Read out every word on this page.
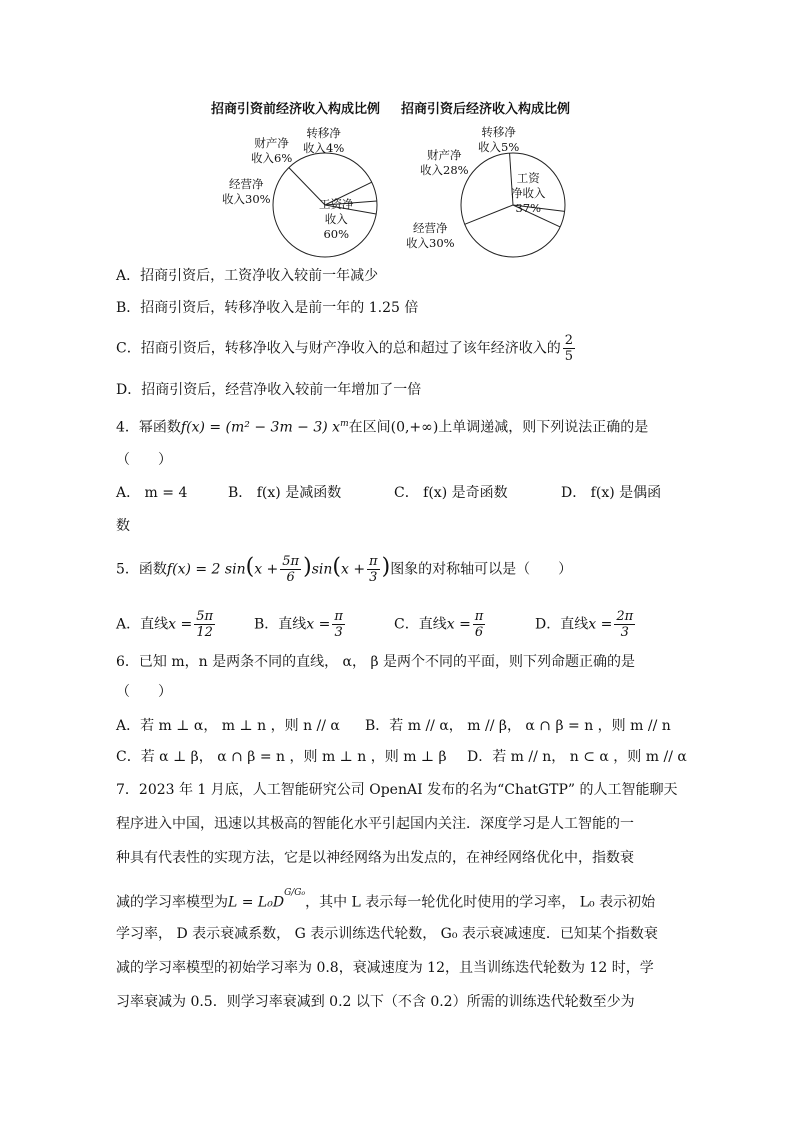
招商引资前经济收入构成比例 招商引资后经济收入构成比例
工资净
收入
60%
经营净
收入30%
财产净
收入6%
转移净
收入4%
工资
净收入
37%
经营净
收入30%
财产净
收入28%
转移净
收入5%
A．招商引资后，工资净收入较前一年减少
B．招商引资后，转移净收入是前一年的 1.25 倍
C．招商引资后，转移净收入与财产净收入的总和超过了该年经济收入的 $\frac{2}{5}$
D．招商引资后，经营净收入较前一年增加了一倍
4．幂函数f(x) = (m² − 3m − 3) $x^m$在区间(0,+∞)上单调递减，则下列说法正确的是
（　　）
A． m = 4	B． f(x) 是减函数	C． f(x) 是奇函数	D． f(x) 是偶函
数
5．函数f(x) = 2 $\sin(x + \frac{5\pi}{6} )\sin(x + \frac{\pi}{3}$ )图象的对称轴可以是（　　）
A．直线$x = \frac{5\pi}{12}$	B．直线$x = \frac{\pi}{3}$	C．直线$x = \frac{\pi}{6}$	D．直线$x = \frac{2\pi}{3}$
6．已知 m，n 是两条不同的直线， α， β 是两个不同的平面，则下列命题正确的是
（　　）
A．若 m ⊥ α， m ⊥ n ，则 n // α B．若 m // α， m // β， α ∩ β = n ，则 m // n
C．若 α ⊥ β， α ∩ β = n ，则 m ⊥ n ，则 m ⊥ β D．若 m // n， n ⊂ α ，则 m // α
7．2023 年 1 月底，人工智能研究公司 OpenAI 发布的名为“ChatGTP” 的人工智能聊天
程序进入中国，迅速以其极高的智能化水平引起国内关注．深度学习是人工智能的一
种具有代表性的实现方法，它是以神经网络为出发点的，在神经网络优化中，指数衰
减的学习率模型为$L = L_0D^{G/G_0}$，其中 L 表示每一轮优化时使用的学习率， L₀ 表示初始
学习率， D 表示衰减系数， G 表示训练迭代轮数， G₀ 表示衰减速度．已知某个指数衰
减的学习率模型的初始学习率为 0.8，衰减速度为 12，且当训练迭代轮数为 12 时，学
习率衰减为 0.5．则学习率衰减到 0.2 以下（不含 0.2）所需的训练迭代轮数至少为
